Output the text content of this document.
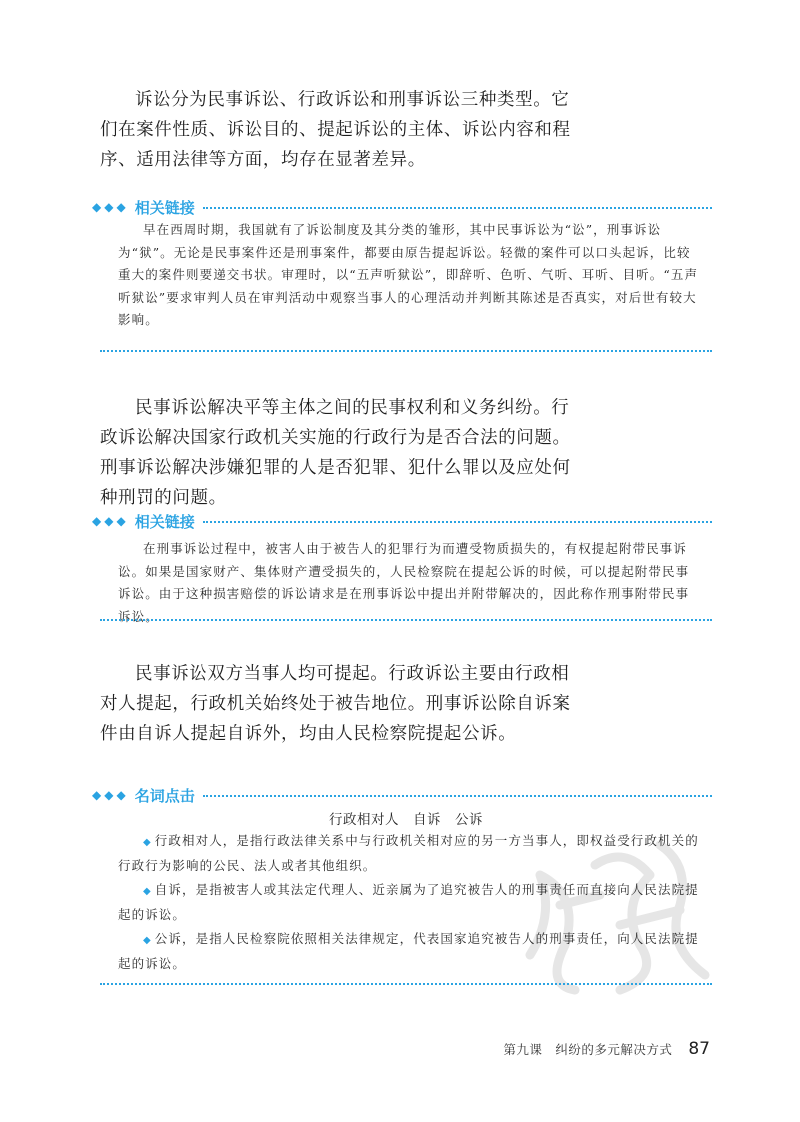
诉讼分为民事诉讼、行政诉讼和刑事诉讼三种类型。它们在案件性质、诉讼目的、提起诉讼的主体、诉讼内容和程序、适用法律等方面，均存在显著差异。

◆◆◆ 相关链接

早在西周时期，我国就有了诉讼制度及其分类的雏形，其中民事诉讼为“讼”，刑事诉讼为“狱”。无论是民事案件还是刑事案件，都要由原告提起诉讼。轻微的案件可以口头起诉，比较重大的案件则要递交书状。审理时，以“五声听狱讼”，即辞听、色听、气听、耳听、目听。“五声听狱讼”要求审判人员在审判活动中观察当事人的心理活动并判断其陈述是否真实，对后世有较大影响。

民事诉讼解决平等主体之间的民事权利和义务纠纷。行政诉讼解决国家行政机关实施的行政行为是否合法的问题。刑事诉讼解决涉嫌犯罪的人是否犯罪、犯什么罪以及应处何种刑罚的问题。

◆◆◆ 相关链接

在刑事诉讼过程中，被害人由于被告人的犯罪行为而遭受物质损失的，有权提起附带民事诉讼。如果是国家财产、集体财产遭受损失的，人民检察院在提起公诉的时候，可以提起附带民事诉讼。由于这种损害赔偿的诉讼请求是在刑事诉讼中提出并附带解决的，因此称作刑事附带民事诉讼。

民事诉讼双方当事人均可提起。行政诉讼主要由行政相对人提起，行政机关始终处于被告地位。刑事诉讼除自诉案件由自诉人提起自诉外，均由人民检察院提起公诉。

◆◆◆ 名词点击
行政相对人　自诉　公诉

◆ 行政相对人，是指行政法律关系中与行政机关相对应的另一方当事人，即权益受行政机关的行政行为影响的公民、法人或者其他组织。

◆ 自诉，是指被害人或其法定代理人、近亲属为了追究被告人的刑事责任而直接向人民法院提起的诉讼。

◆ 公诉，是指人民检察院依照相关法律规定，代表国家追究被告人的刑事责任，向人民法院提起的诉讼。

第九课　纠纷的多元解决方式 87
